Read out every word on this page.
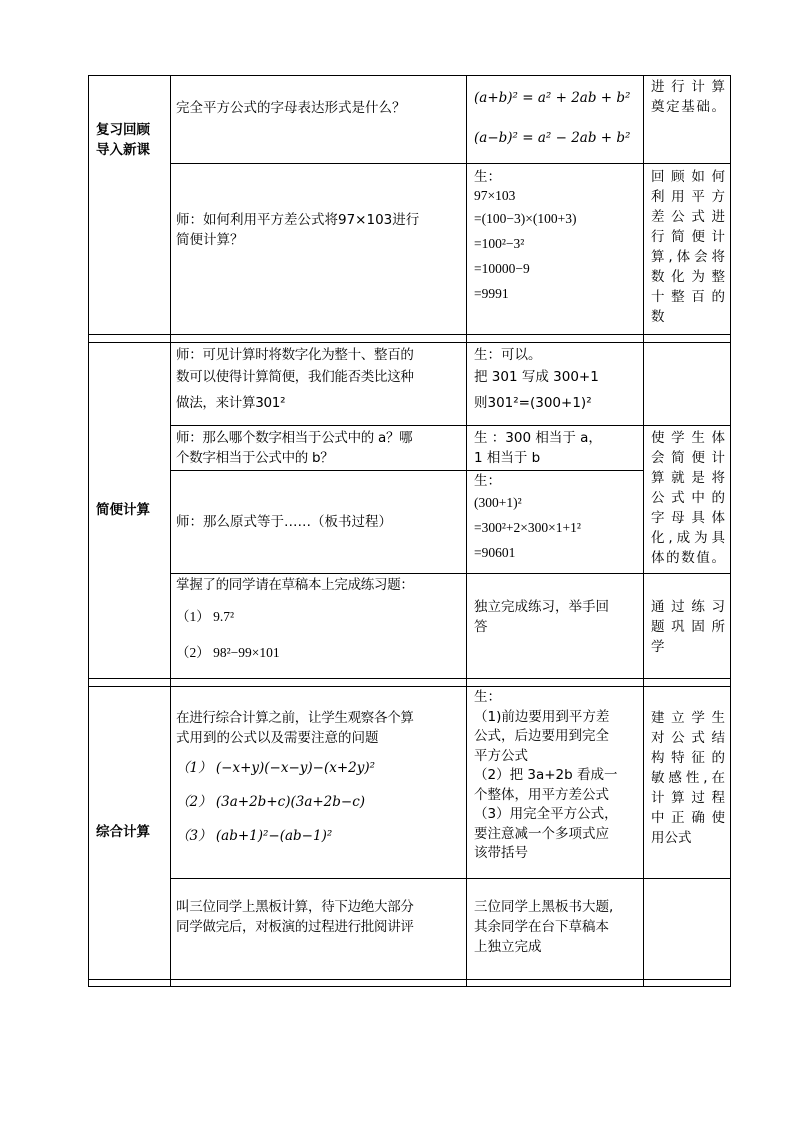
复习回顾
导入新课
简便计算
综合计算
完全平方公式的字母表达形式是什么？
(a+b)² = a² + 2ab + b²
(a−b)² = a² − 2ab + b²
进行计算
奠定基础。
师：如何利用平方差公式将97×103进行
简便计算？
生：
97×103
=(100−3)×(100+3)
=100²−3²
=10000−9
=9991
回顾如何
利用平方
差公式进
行简便计
算,体会将
数化为整
十整百的
数
师：可见计算时将数字化为整十、整百的
数可以使得计算简便，我们能否类比这种
做法，来计算301²
生：可以。
把 301 写成 300+1
则301²=(300+1)²
师：那么哪个数字相当于公式中的 a？哪
个数字相当于公式中的 b？
生 ：300 相当于 a，
1 相当于 b
使学生体
会简便计
算就是将
公式中的
字母具体
化,成为具
体的数值。
师：那么原式等于……（板书过程）
生：
(300+1)²
=300²+2×300×1+1²
=90601
掌握了的同学请在草稿本上完成练习题：
（1） 9.7²
（2） 98²−99×101
独立完成练习，举手回
答
通过练习
题巩固所
学
在进行综合计算之前，让学生观察各个算
式用到的公式以及需要注意的问题
（1） (−x+y)(−x−y)−(x+2y)²
（2） (3a+2b+c)(3a+2b−c)
（3） (ab+1)²−(ab−1)²
生：
（1)前边要用到平方差
公式，后边要用到完全
平方公式
（2）把 3a+2b 看成一
个整体，用平方差公式
（3）用完全平方公式，
要注意减一个多项式应
该带括号
建立学生
对公式结
构特征的
敏感性,在
计算过程
中正确使
用公式
叫三位同学上黑板计算，待下边绝大部分
同学做完后，对板演的过程进行批阅讲评
三位同学上黑板书大题,
其余同学在台下草稿本
上独立完成
